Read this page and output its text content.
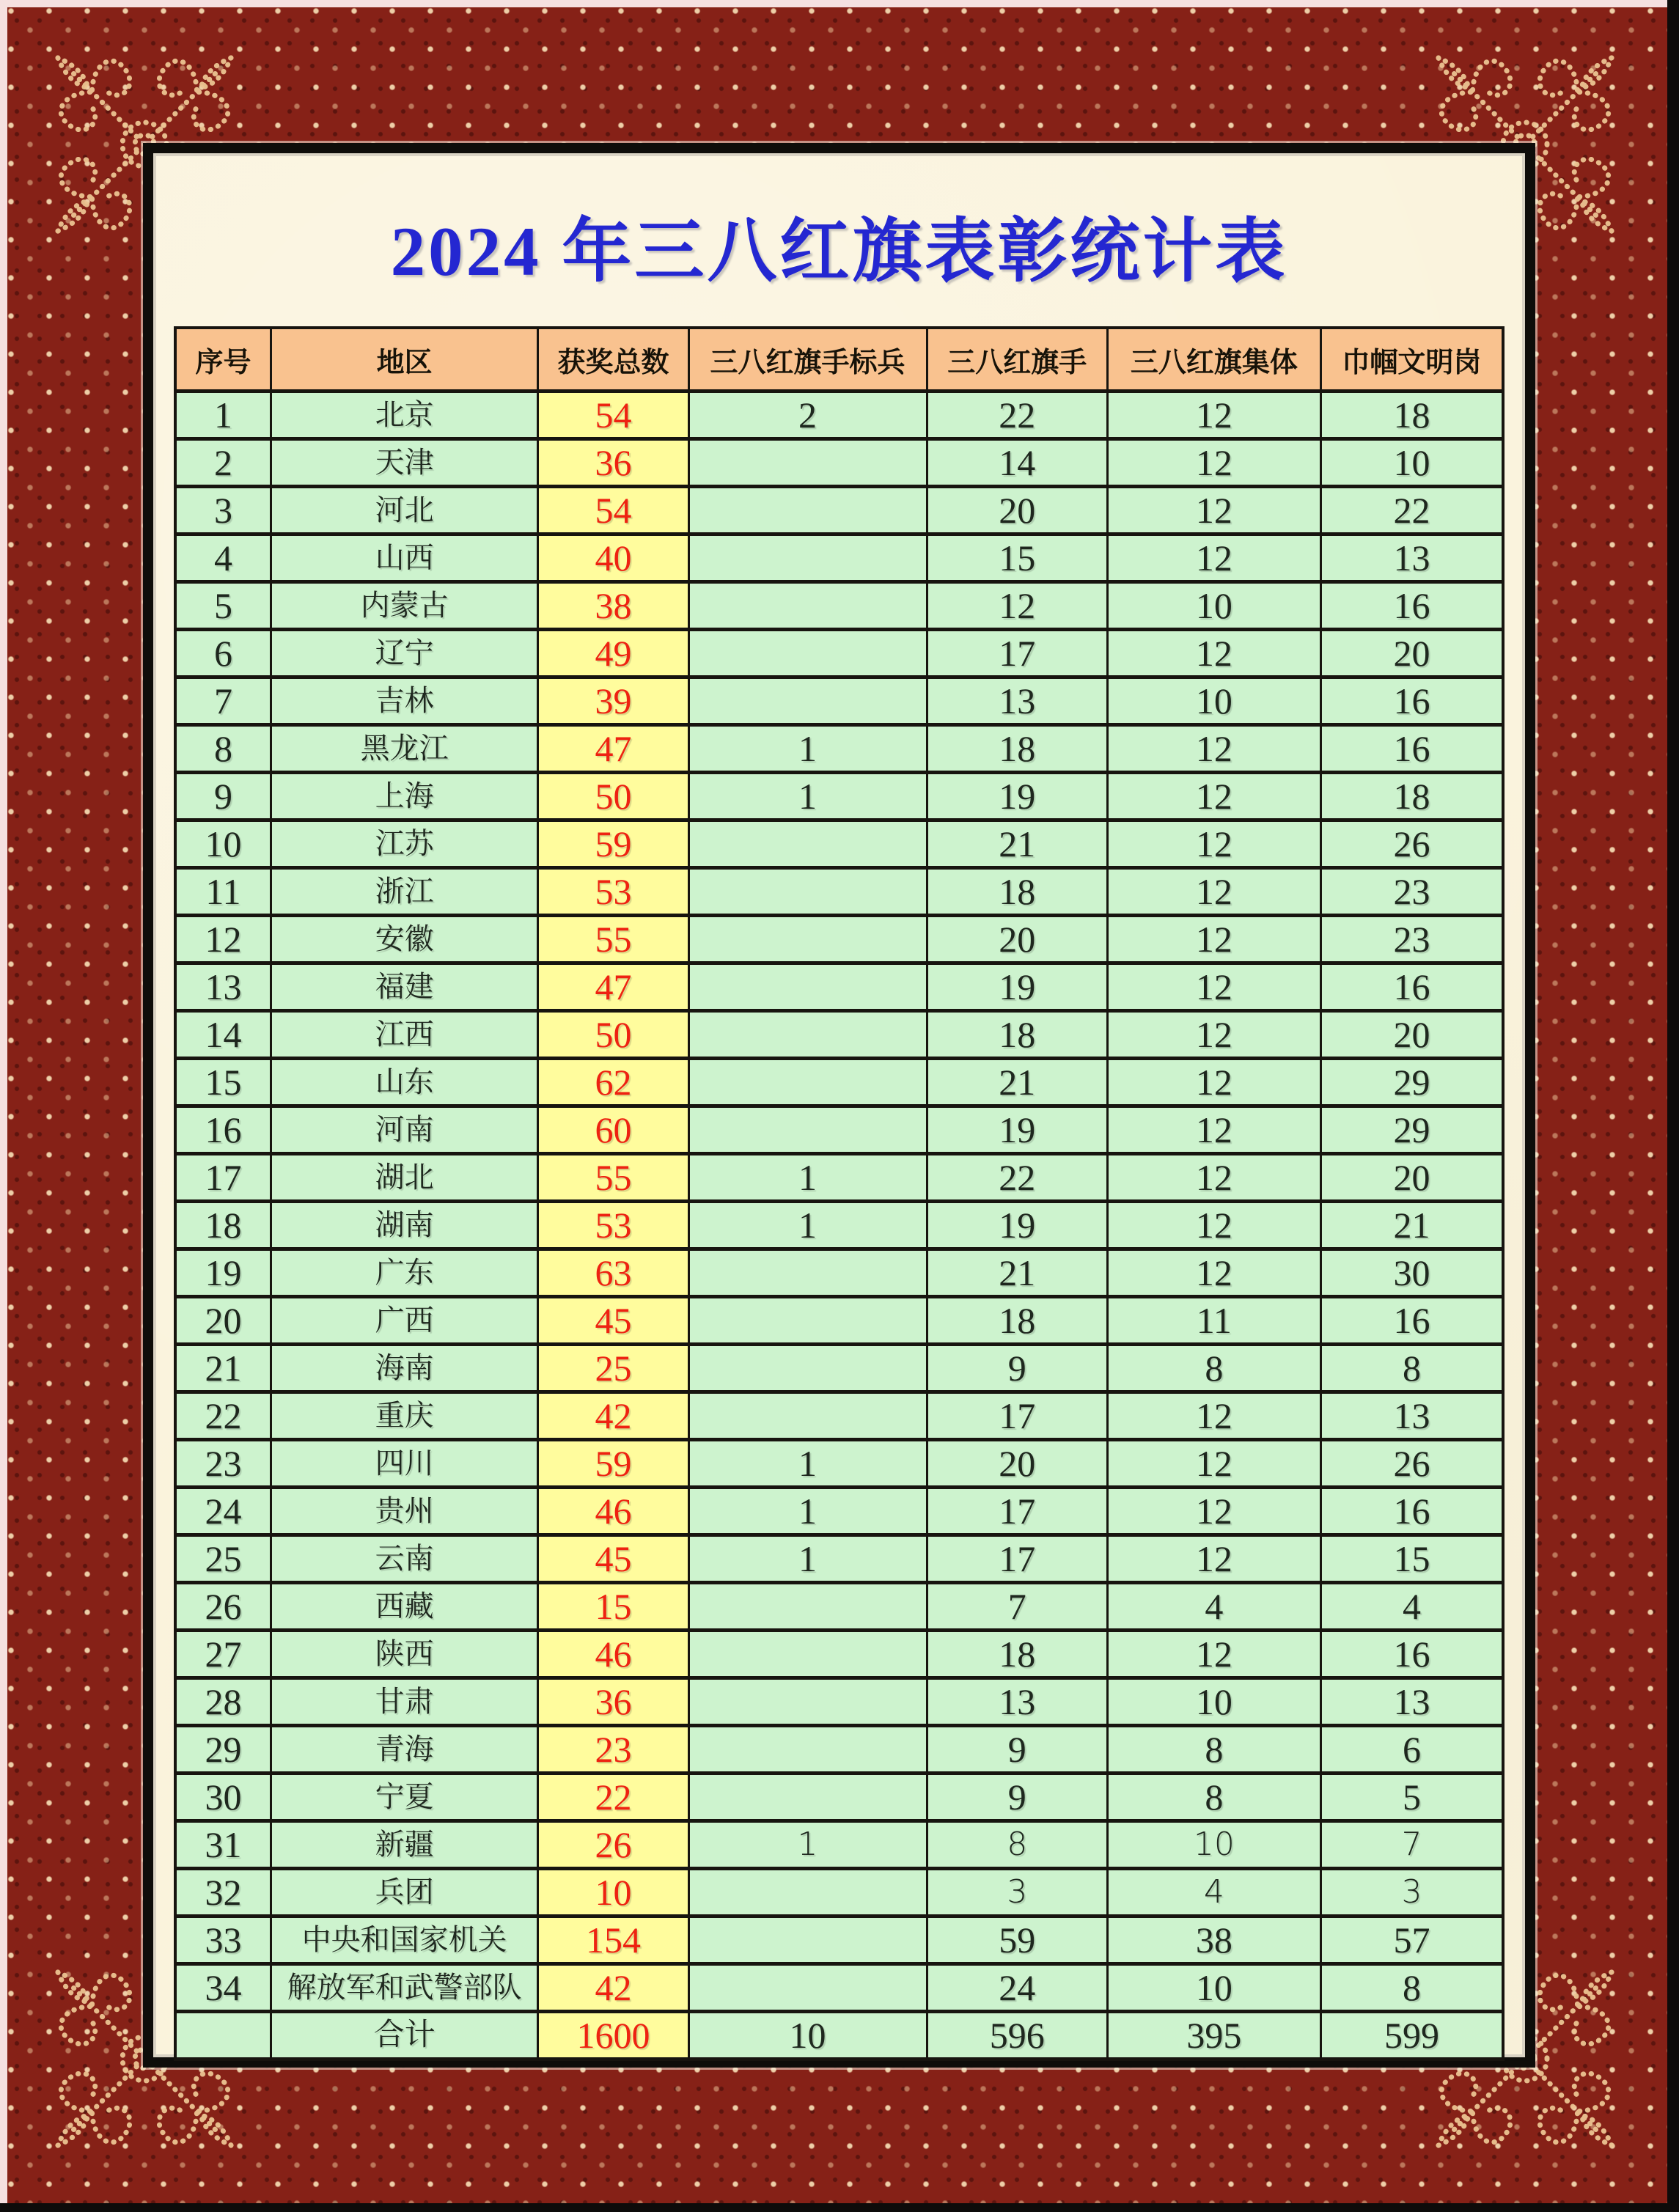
2024 年三八红旗表彰统计表
序号	地区	获奖总数	三八红旗手标兵	三八红旗手	三八红旗集体	巾帼文明岗
1	北京	54	2	22	12	18
2	天津	36		14	12	10
3	河北	54		20	12	22
4	山西	40		15	12	13
5	内蒙古	38		12	10	16
6	辽宁	49		17	12	20
7	吉林	39		13	10	16
8	黑龙江	47	1	18	12	16
9	上海	50	1	19	12	18
10	江苏	59		21	12	26
11	浙江	53		18	12	23
12	安徽	55		20	12	23
13	福建	47		19	12	16
14	江西	50		18	12	20
15	山东	62		21	12	29
16	河南	60		19	12	29
17	湖北	55	1	22	12	20
18	湖南	53	1	19	12	21
19	广东	63		21	12	30
20	广西	45		18	11	16
21	海南	25		9	8	8
22	重庆	42		17	12	13
23	四川	59	1	20	12	26
24	贵州	46	1	17	12	16
25	云南	45	1	17	12	15
26	西藏	15		7	4	4
27	陕西	46		18	12	16
28	甘肃	36		13	10	13
29	青海	23		9	8	6
30	宁夏	22		9	8	5
31	新疆	26	1	8	10	7
32	兵团	10		3	4	3
33	中央和国家机关	154		59	38	57
34	解放军和武警部队	42		24	10	8
	合计	1600	10	596	395	599
